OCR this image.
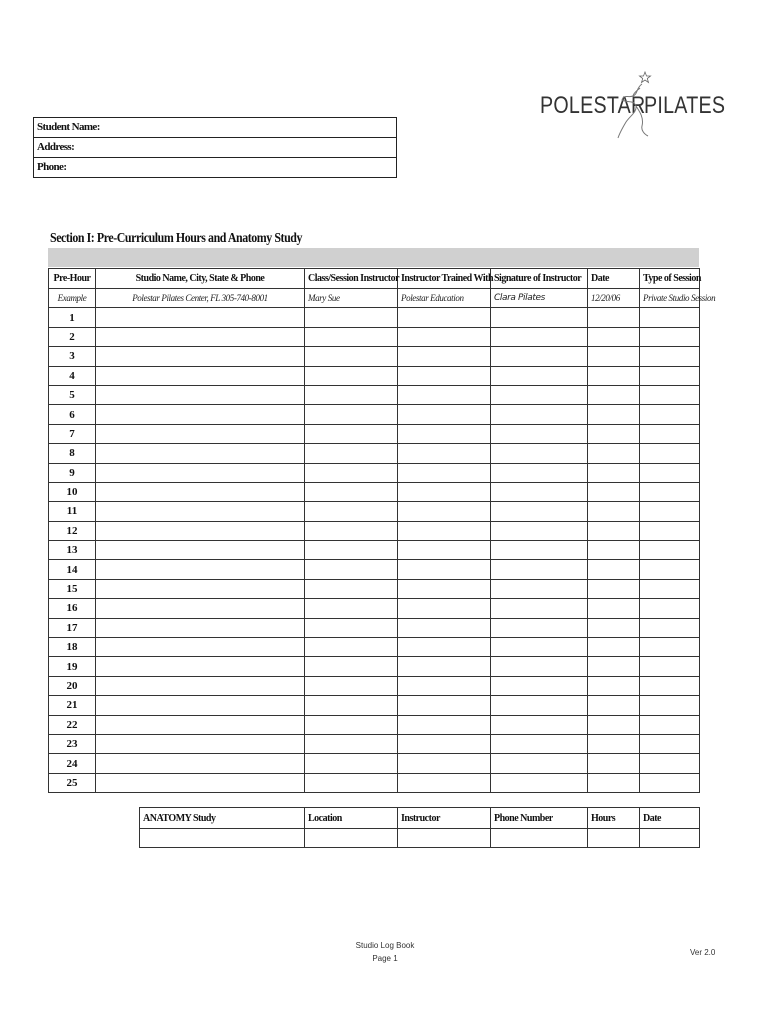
POLESTAR
PILATES
Student Name:
Address:
Phone:
Section I: Pre-Curriculum Hours and Anatomy Study
Pre-Hour	Studio Name, City, State & Phone	Class/Session Instructor	Instructor Trained With	Signature of Instructor	Date	Type of Session
Example	Polestar Pilates Center, FL 305-740-8001	Mary Sue	Polestar Education	Clara Pilates	12/20/06	Private Studio Session
1						
2						
3						
4						
5						
6						
7						
8						
9						
10						
11						
12						
13						
14						
15						
16						
17						
18						
19						
20						
21						
22						
23						
24						
25						
ANATOMY Study	Location	Instructor	Phone Number	Hours	Date

Studio Log Book
Page 1
Ver 2.0
